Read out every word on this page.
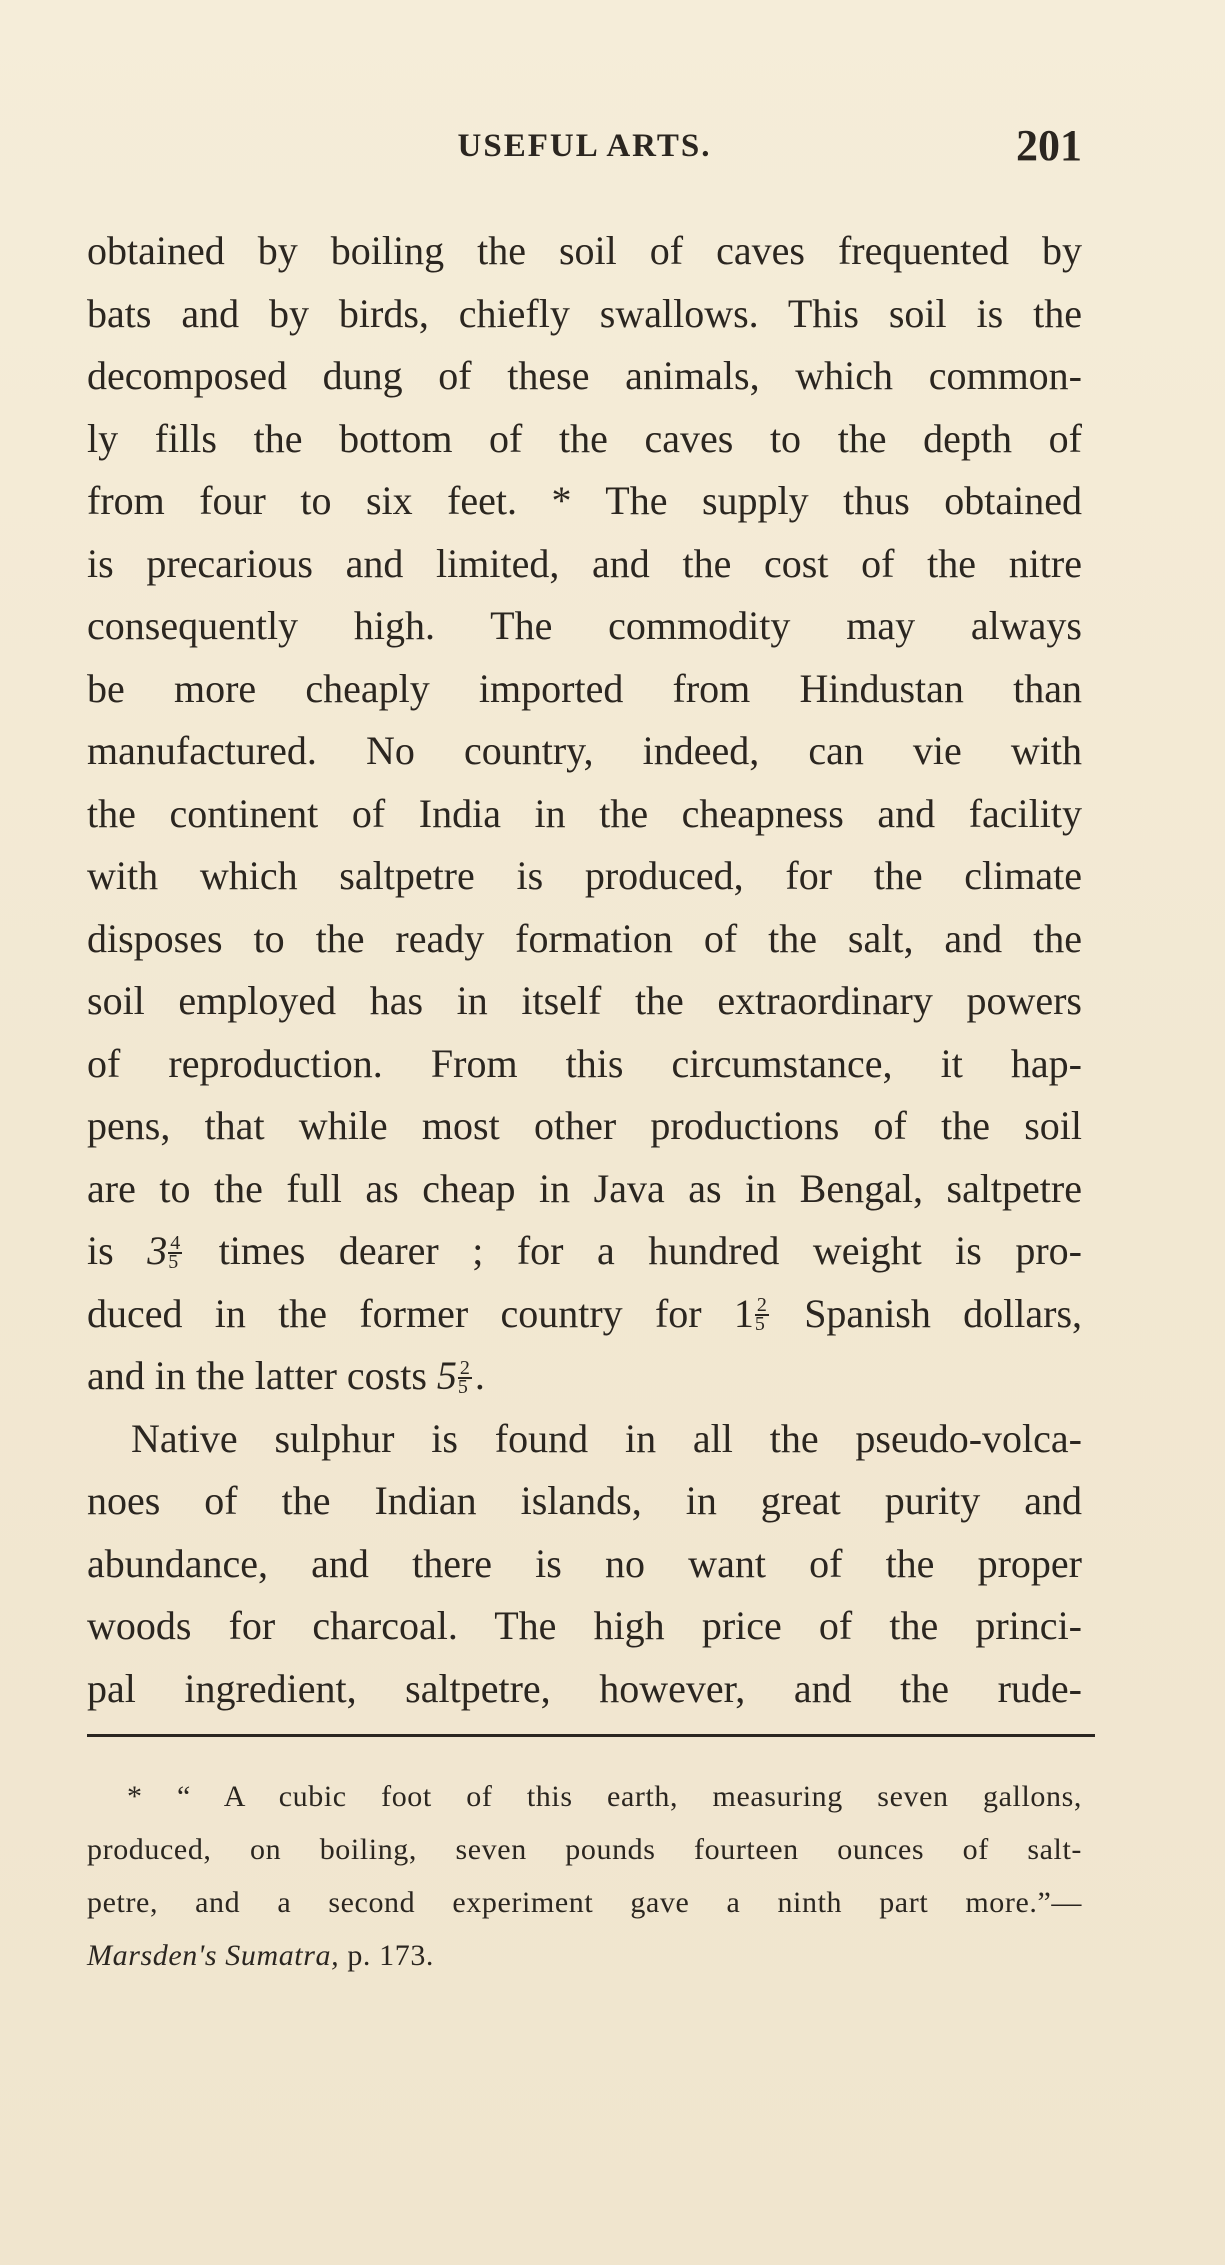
USEFUL ARTS.	201
obtained by boiling the soil of caves frequented by
bats and by birds, chiefly swallows. This soil is the
decomposed dung of these animals, which common-
ly fills the bottom of the caves to the depth of
from four to six feet. * The supply thus obtained
is precarious and limited, and the cost of the nitre
consequently high. The commodity may always
be more cheaply imported from Hindustan than
manufactured. No country, indeed, can vie with
the continent of India in the cheapness and facility
with which saltpetre is produced, for the climate
disposes to the ready formation of the salt, and the
soil employed has in itself the extraordinary powers
of reproduction. From this circumstance, it hap-
pens, that while most other productions of the soil
are to the full as cheap in Java as in Bengal, saltpetre
is $3 \frac{4}{5}$ times dearer ; for a hundred weight is pro-
duced in the former country for $1 \frac{2}{5}$ Spanish dollars,
and in the latter costs $5 \frac{2}{5}$ .
Native sulphur is found in all the pseudo-volca-
noes of the Indian islands, in great purity and
abundance, and there is no want of the proper
woods for charcoal. The high price of the princi-
pal ingredient, saltpetre, however, and the rude-
* “ A cubic foot of this earth, measuring seven gallons,
produced, on boiling, seven pounds fourteen ounces of salt-
petre, and a second experiment gave a ninth part more.”—
Marsden's Sumatra, p. 173.
